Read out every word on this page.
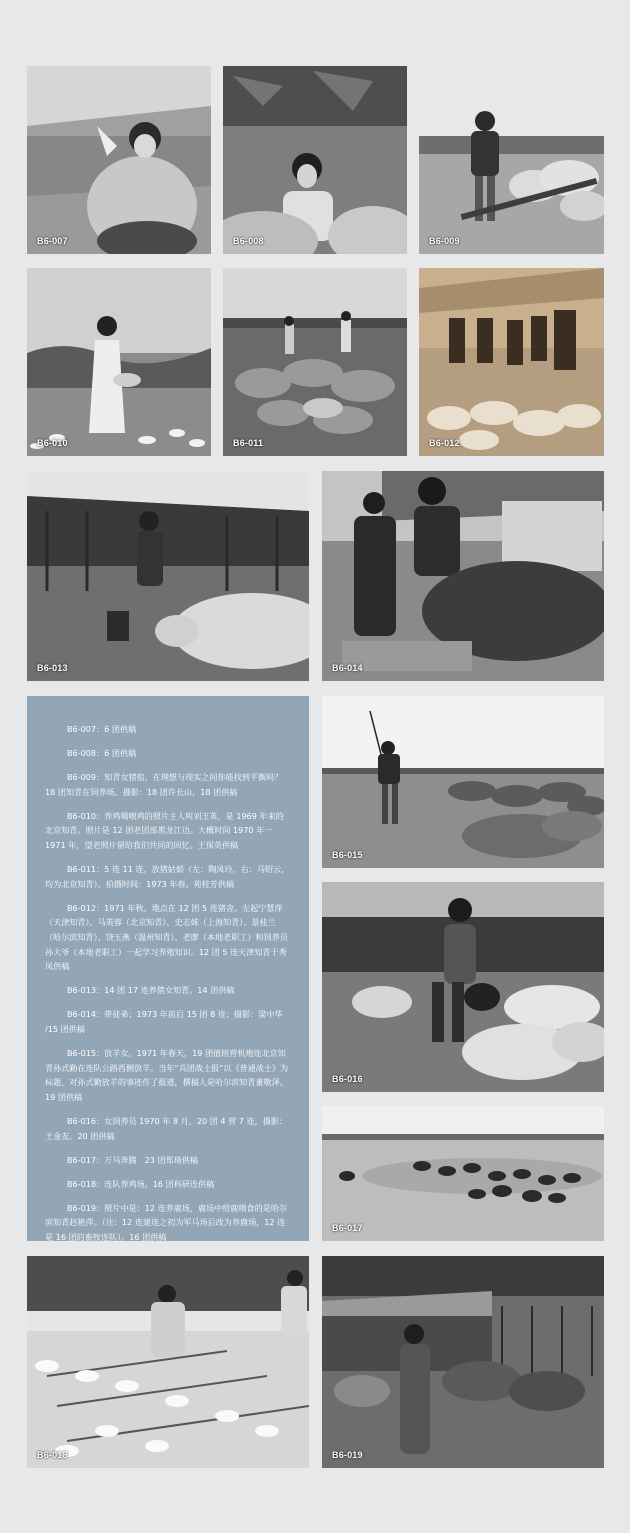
B6-007	B6-008	B6-009
B6-010	B6-011	B6-012
B6-013	B6-014

B6-007：6 团供稿

B6-008：6 团供稿

B6-009：知青女猪倌，在理想与现实之间你能找到平衡吗？ 18 团知青在饲养场。摄影：18 团许长山，18 团供稿

B6-010：养鸡場喂鸡的照片主人叫刘玉英，是 1969 年来的北京知青。照片是 12 团老团部黑龙江边。大概时间 1970 年一 1971 年，望老照片留给我们共同的回忆。王保英供稿

B6-011：5 连 11 连，放猪姑娘（左：陶凤玲，右：马绍云，均为北京知青）。拍摄时间：1973 年春。苑桂芳供稿

B6-012：1971 年秋。地点在 12 团 5 连猪舍。左起宁慧萍（天津知青）、马英蓉（北京知青）、史志妹（上海知青）、景桂兰（哈尔滨知青）、饶玉燕（温州知青）、老廖（本地老职工）和饲养员孙大爷（本地老职工）一起学习养殖知识。12 团 5 连天津知青于秀凤供稿

B6-013：14 团 17 连养猪女知青。14 团供稿

B6-014：带徒弟；1973 年前后 15 团 8 连；摄影：梁中华 /15 团供稿

B6-015：放羊女。1971 年春天，19 团值班营机炮连北京知青孙式勤在连队公路西侧放羊。当年“兵团战士报”以《普通战士》为标题，对孙式勤放羊的事迹作了报道，撰稿人是哈尔滨知青董敬泽。19 团供稿

B6-016：女饲养员 1970 年 8 月，20 团 4 营 7 连，摄影：王金友。20 团供稿

B6-017：万马奔腾　23 团郑琦供稿

B6-018：连队养鸡场。16 团科研连供稿

B6-019：照片中是：12 连养鹿场，鹿场中给鹿喂食的是哈尔滨知青赵艳萍。（注：12 连建连之初为军马场后改为养鹿场，12 连是 16 团的畜牧连队）。16 团供稿

B6-015
B6-016
B6-017
B6-018	B6-019
